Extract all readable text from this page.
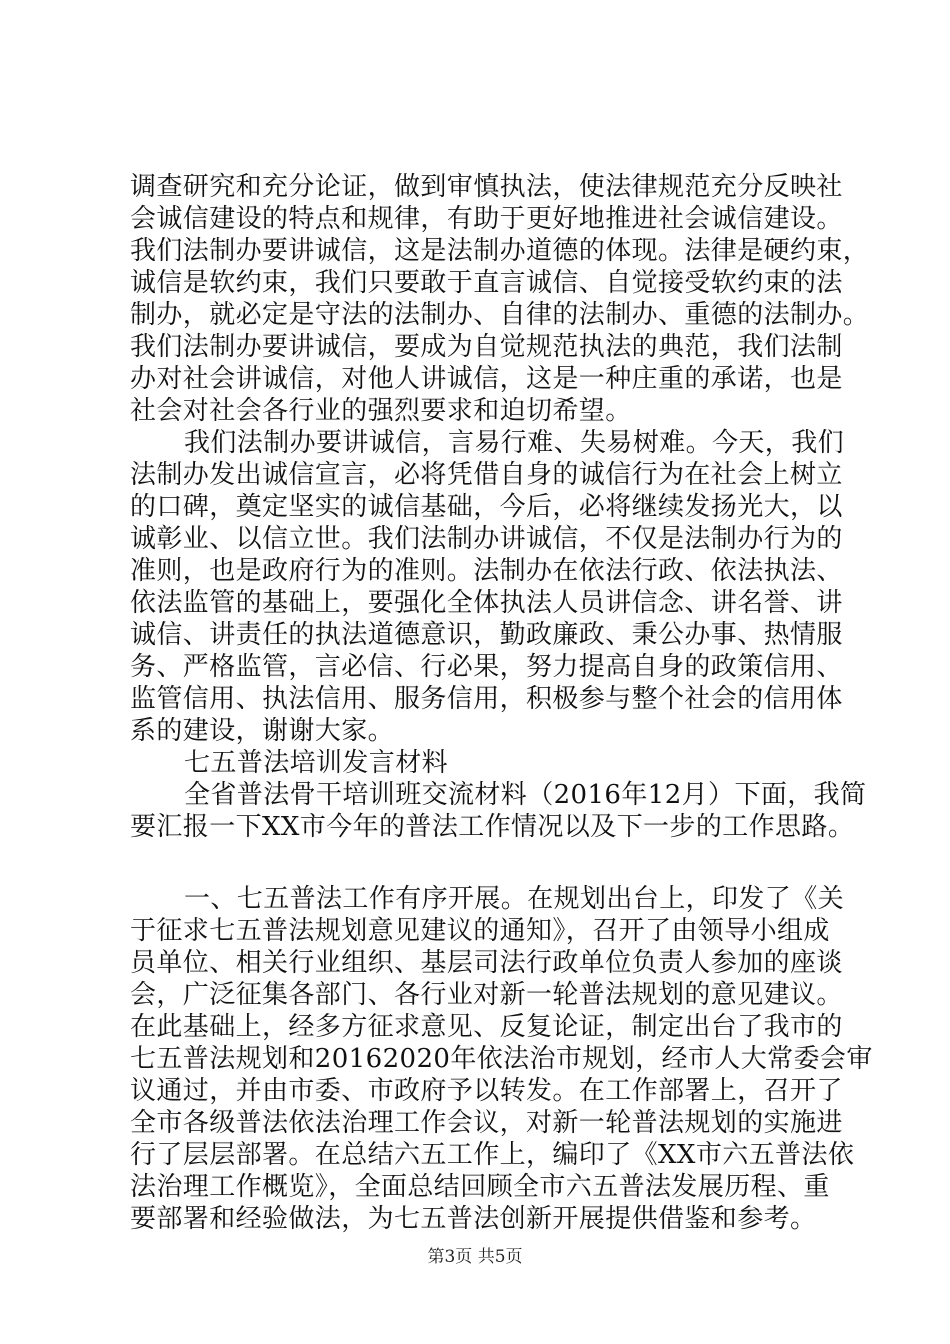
调查研究和充分论证，做到审慎执法，使法律规范充分反映社
会诚信建设的特点和规律，有助于更好地推进社会诚信建设。
我们法制办要讲诚信，这是法制办道德的体现。法律是硬约束，
诚信是软约束，我们只要敢于直言诚信、自觉接受软约束的法
制办，就必定是守法的法制办、自律的法制办、重德的法制办。
我们法制办要讲诚信，要成为自觉规范执法的典范，我们法制
办对社会讲诚信，对他人讲诚信，这是一种庄重的承诺，也是
社会对社会各行业的强烈要求和迫切希望。
我们法制办要讲诚信，言易行难、失易树难。今天，我们
法制办发出诚信宣言，必将凭借自身的诚信行为在社会上树立
的口碑，奠定坚实的诚信基础，今后，必将继续发扬光大，以
诚彰业、以信立世。我们法制办讲诚信，不仅是法制办行为的
准则，也是政府行为的准则。法制办在依法行政、依法执法、
依法监管的基础上，要强化全体执法人员讲信念、讲名誉、讲
诚信、讲责任的执法道德意识，勤政廉政、秉公办事、热情服
务、严格监管，言必信、行必果，努力提高自身的政策信用、
监管信用、执法信用、服务信用，积极参与整个社会的信用体
系的建设，谢谢大家。
七五普法培训发言材料
全省普法骨干培训班交流材料（2016年12月）下面，我简
要汇报一下XX市今年的普法工作情况以及下一步的工作思路。
一、七五普法工作有序开展。在规划出台上，印发了《关
于征求七五普法规划意见建议的通知》，召开了由领导小组成
员单位、相关行业组织、基层司法行政单位负责人参加的座谈
会，广泛征集各部门、各行业对新一轮普法规划的意见建议。
在此基础上，经多方征求意见、反复论证，制定出台了我市的
七五普法规划和20162020年依法治市规划，经市人大常委会审
议通过，并由市委、市政府予以转发。在工作部署上，召开了
全市各级普法依法治理工作会议，对新一轮普法规划的实施进
行了层层部署。在总结六五工作上，编印了《XX市六五普法依
法治理工作概览》，全面总结回顾全市六五普法发展历程、重
要部署和经验做法，为七五普法创新开展提供借鉴和参考。
第3页 共5页
